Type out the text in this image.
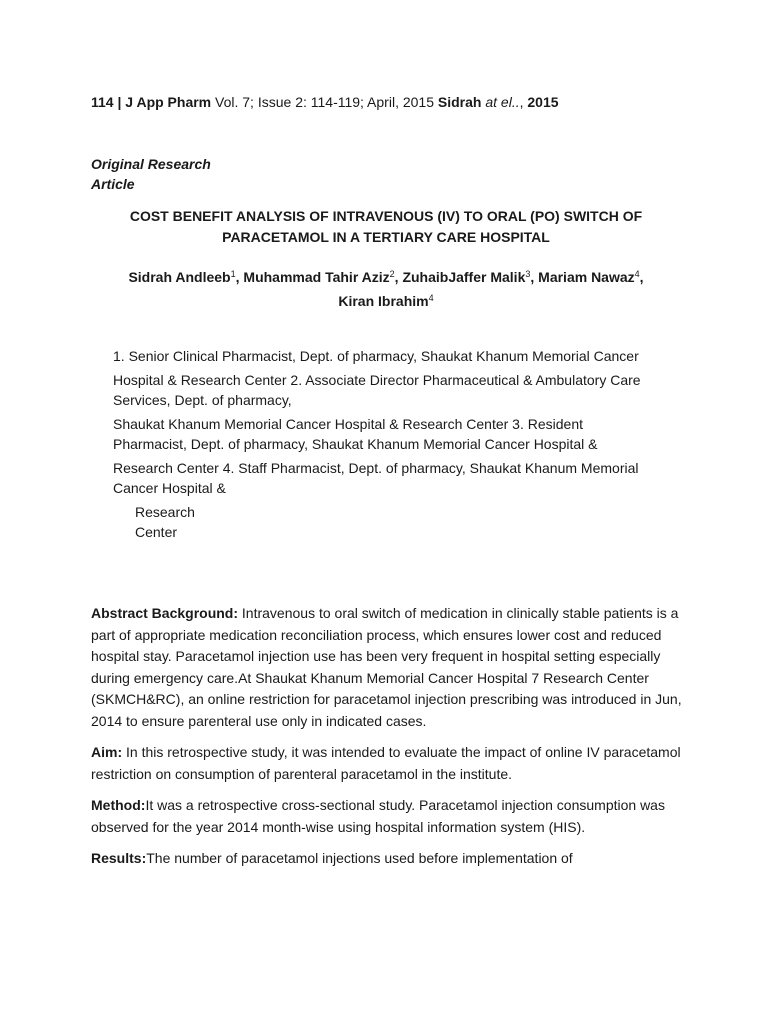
114 | J App Pharm Vol. 7; Issue 2: 114-119; April, 2015 Sidrah at el.., 2015
Original Research
Article
COST BENEFIT ANALYSIS OF INTRAVENOUS (IV) TO ORAL (PO) SWITCH OF
PARACETAMOL IN A TERTIARY CARE HOSPITAL
Sidrah Andleeb$^1$, Muhammad Tahir Aziz$^2$, ZuhaibJaffer Malik$^3$, Mariam Nawaz$^4$,
Kiran Ibrahim$^4$

1. Senior Clinical Pharmacist, Dept. of pharmacy, Shaukat Khanum Memorial Cancer

Hospital & Research Center 2. Associate Director Pharmaceutical & Ambulatory Care Services, Dept. of pharmacy,

Shaukat Khanum Memorial Cancer Hospital & Research Center 3. Resident Pharmacist, Dept. of pharmacy, Shaukat Khanum Memorial Cancer Hospital &

Research Center 4. Staff Pharmacist, Dept. of pharmacy, Shaukat Khanum Memorial Cancer Hospital &

Research
Center

Abstract Background: Intravenous to oral switch of medication in clinically stable patients is a part of appropriate medication reconciliation process, which ensures lower cost and reduced hospital stay. Paracetamol injection use has been very frequent in hospital setting especially during emergency care.At Shaukat Khanum Memorial Cancer Hospital 7 Research Center (SKMCH&RC), an online restriction for paracetamol injection prescribing was introduced in Jun, 2014 to ensure parenteral use only in indicated cases.

Aim: In this retrospective study, it was intended to evaluate the impact of online IV paracetamol restriction on consumption of parenteral paracetamol in the institute.

Method:It was a retrospective cross-sectional study. Paracetamol injection consumption was observed for the year 2014 month-wise using hospital information system (HIS).

Results:The number of paracetamol injections used before implementation of
